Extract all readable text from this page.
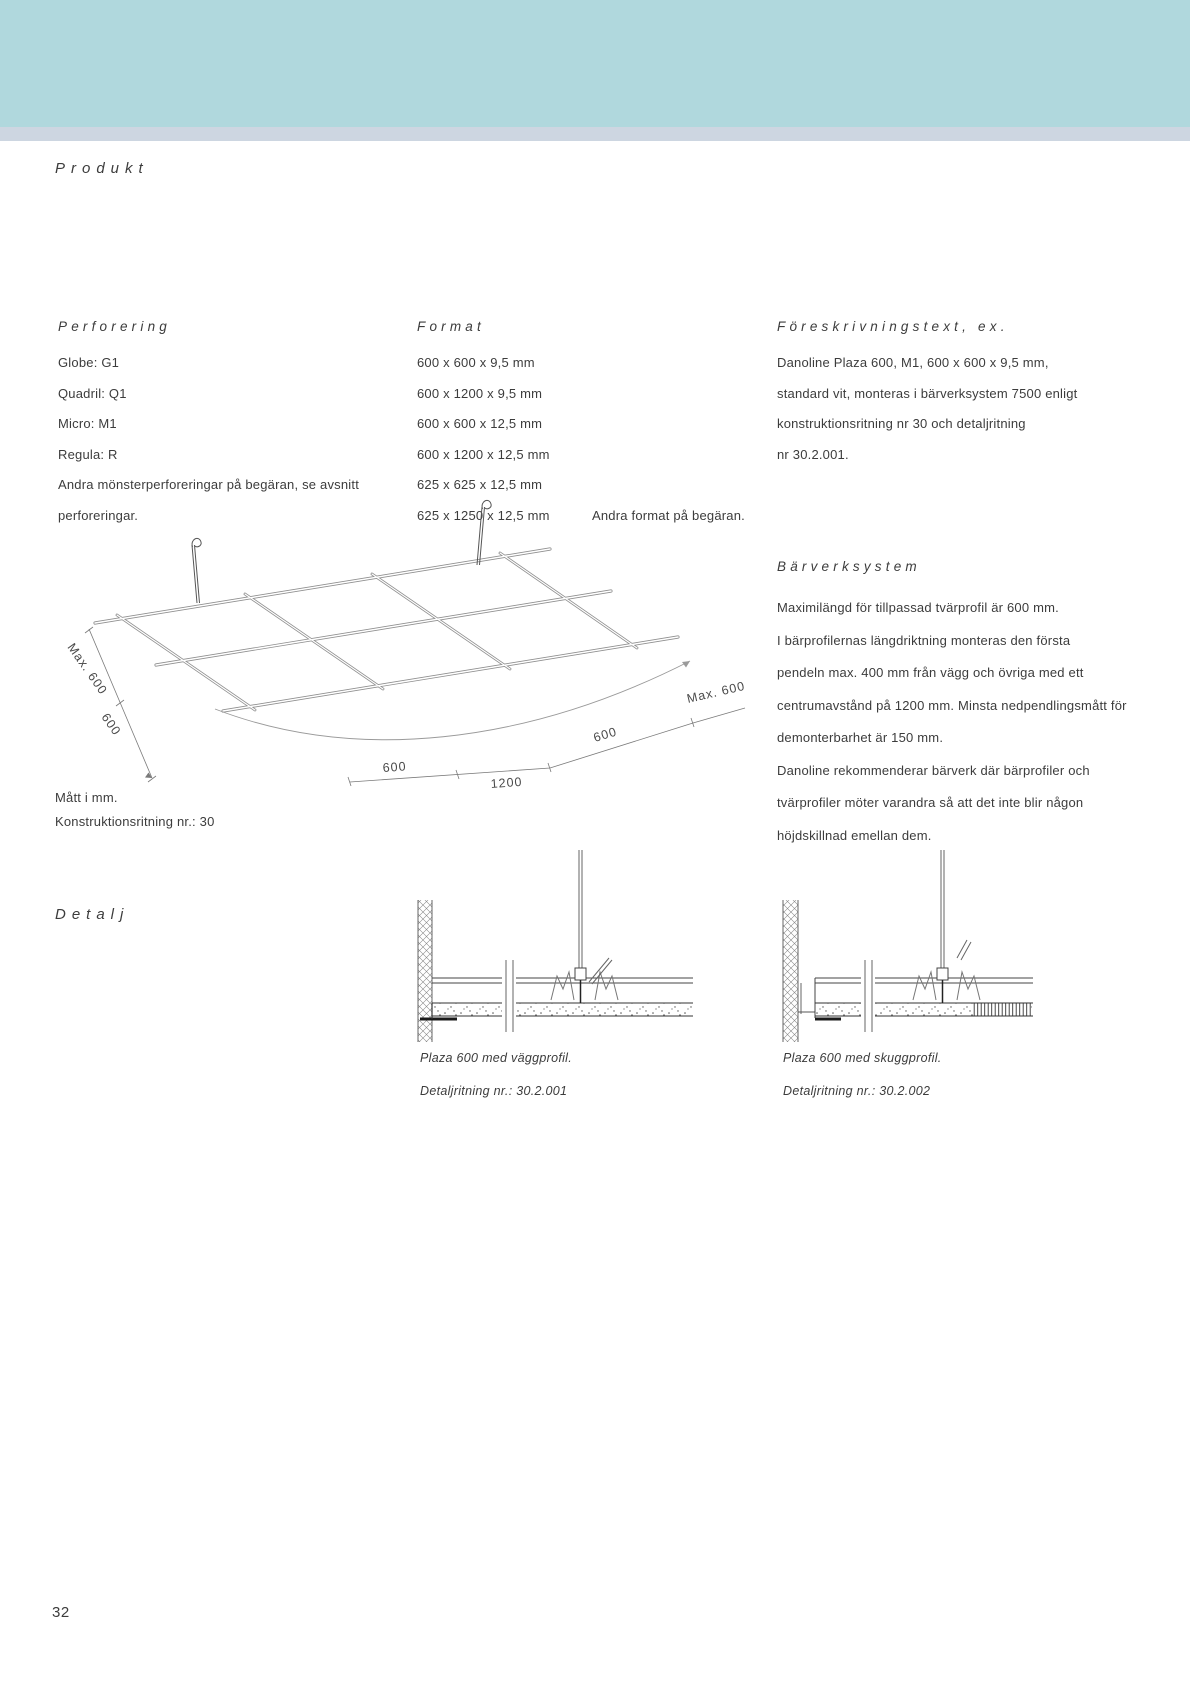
Produkt
Perforering
Globe: G1
Quadril: Q1
Micro: M1
Regula: R
Andra mönsterperforeringar på begäran, se avsnitt
perforeringar.
Format
600 x 600 x 9,5 mm
600 x 1200 x 9,5 mm
600 x 600 x 12,5 mm
600 x 1200 x 12,5 mm
625 x 625 x 12,5 mm
625 x 1250 x 12,5 mm	Andra format på begäran.
Föreskrivningstext, ex.
Danoline Plaza 600, M1, 600 x 600 x 9,5 mm,
standard vit, monteras i bärverksystem 7500 enligt
konstruktionsritning nr 30 och detaljritning
nr 30.2.001.
Bärverksystem
Maximilängd för tillpassad tvärprofil är 600 mm.
I bärprofilernas längdriktning monteras den första
pendeln max. 400 mm från vägg och övriga med ett
centrumavstånd på 1200 mm. Minsta nedpendlingsmått för
demonterbarhet är 150 mm.
Danoline rekommenderar bärverk där bärprofiler och
tvärprofiler möter varandra så att det inte blir någon
höjdskillnad emellan dem.
Max. 600
600
600
1200
600
Max. 600
Mått i mm.
Konstruktionsritning nr.: 30
Detalj
Plaza 600 med väggprofil.
Detaljritning nr.: 30.2.001
Plaza 600 med skuggprofil.
Detaljritning nr.: 30.2.002
32
